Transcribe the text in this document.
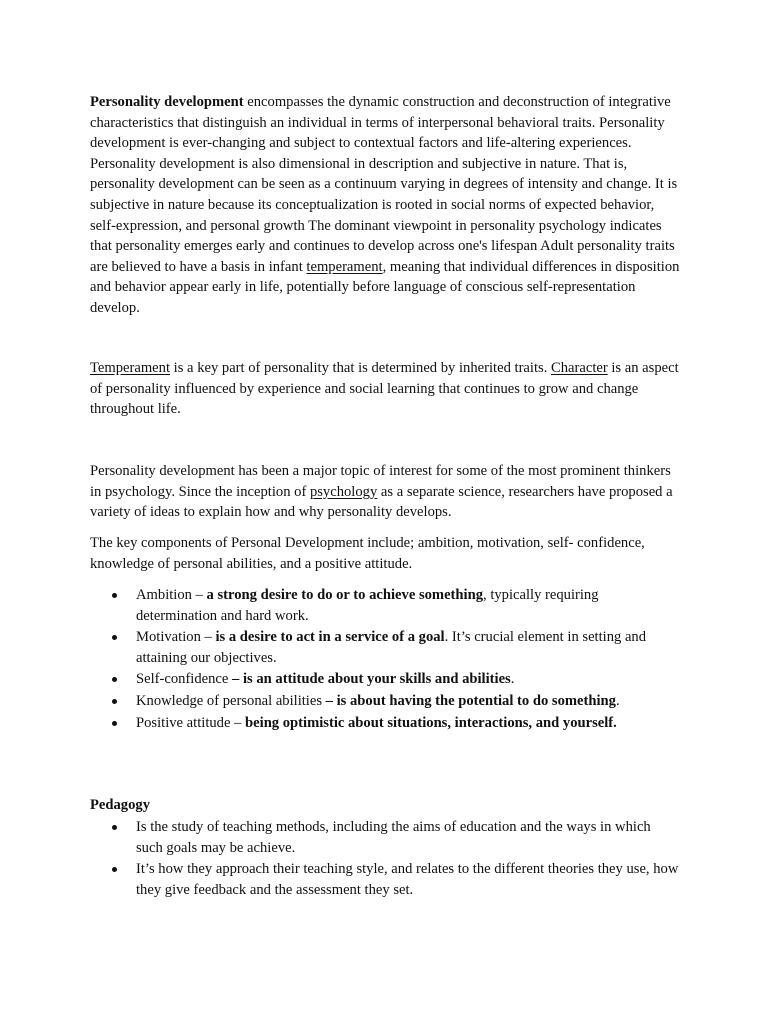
Personality development encompasses the dynamic construction and deconstruction of integrative characteristics that distinguish an individual in terms of interpersonal behavioral traits. Personality development is ever-changing and subject to contextual factors and life-altering experiences. Personality development is also dimensional in description and subjective in nature. That is, personality development can be seen as a continuum varying in degrees of intensity and change. It is subjective in nature because its conceptualization is rooted in social norms of expected behavior, self-expression, and personal growth The dominant viewpoint in personality psychology indicates that personality emerges early and continues to develop across one's lifespan Adult personality traits are believed to have a basis in infant temperament, meaning that individual differences in disposition and behavior appear early in life, potentially before language of conscious self-representation develop.

Temperament is a key part of personality that is determined by inherited traits. Character is an aspect of personality influenced by experience and social learning that continues to grow and change throughout life.

Personality development has been a major topic of interest for some of the most prominent thinkers in psychology. Since the inception of psychology as a separate science, researchers have proposed a variety of ideas to explain how and why personality develops.

The key components of Personal Development include; ambition, motivation, self- confidence, knowledge of personal abilities, and a positive attitude.

Ambition – a strong desire to do or to achieve something, typically requiring determination and hard work.
Motivation – is a desire to act in a service of a goal. It’s crucial element in setting and attaining our objectives.
Self-confidence – is an attitude about your skills and abilities.
Knowledge of personal abilities – is about having the potential to do something.
Positive attitude – being optimistic about situations, interactions, and yourself.

Pedagogy

Is the study of teaching methods, including the aims of education and the ways in which such goals may be achieve.
It’s how they approach their teaching style, and relates to the different theories they use, how they give feedback and the assessment they set.
